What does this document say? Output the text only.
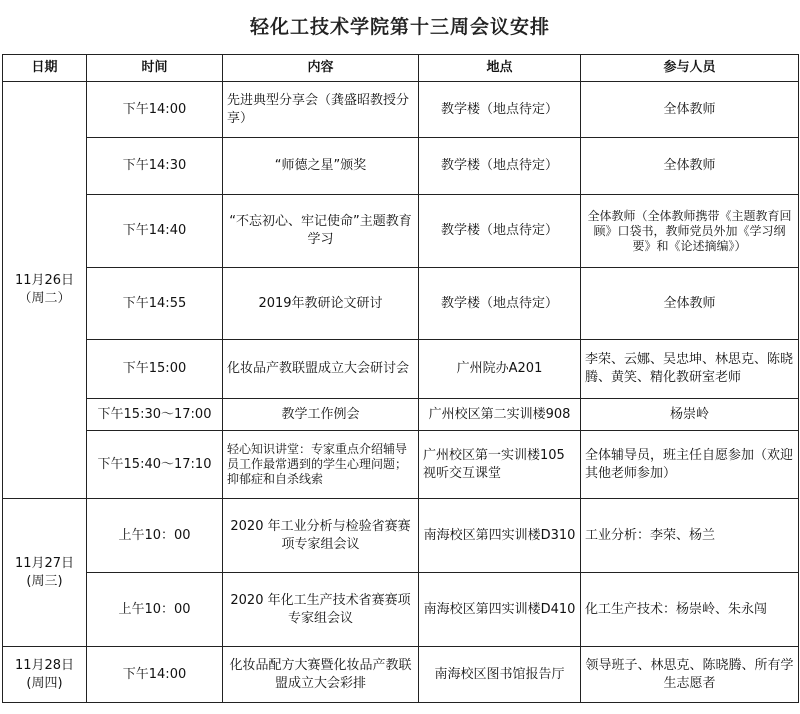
轻化工技术学院第十三周会议安排
日期	时间	内容	地点	参与人员

11月26日
（周二）	下午14:00	先进典型分享会（龚盛昭教授分享）	教学楼（地点待定）	全体教师
	下午14:30	“师德之星”颁奖	教学楼（地点待定）	全体教师
	下午14:40	“不忘初心、牢记使命”主题教育学习	教学楼（地点待定）	全体教师（全体教师携带《主题教育回顾》口袋书，教师党员外加《学习纲要》和《论述摘编》）
	下午14:55	2019年教研论文研讨	教学楼（地点待定）	全体教师
	下午15:00	化妆品产教联盟成立大会研讨会	广州院办A201	李荣、云娜、吴忠坤、林思克、陈晓腾、黄笑、精化教研室老师
	下午15:30～17:00	教学工作例会	广州校区第二实训楼908	杨崇岭
	下午15:40～17:10	轻心知识讲堂：专家重点介绍辅导员工作最常遇到的学生心理问题；抑郁症和自杀线索	广州校区第一实训楼105视听交互课堂	全体辅导员，班主任自愿参加（欢迎其他老师参加）

11月27日
(周三)	上午10：00	2020 年工业分析与检验省赛赛项专家组会议	南海校区第四实训楼D310	工业分析：李荣、杨兰
	上午10：00	2020 年化工生产技术省赛赛项专家组会议	南海校区第四实训楼D410	化工生产技术：杨崇岭、朱永闯

11月28日
(周四)	下午14:00	化妆品配方大赛暨化妆品产教联盟成立大会彩排	南海校区图书馆报告厅	领导班子、林思克、陈晓腾、所有学生志愿者
